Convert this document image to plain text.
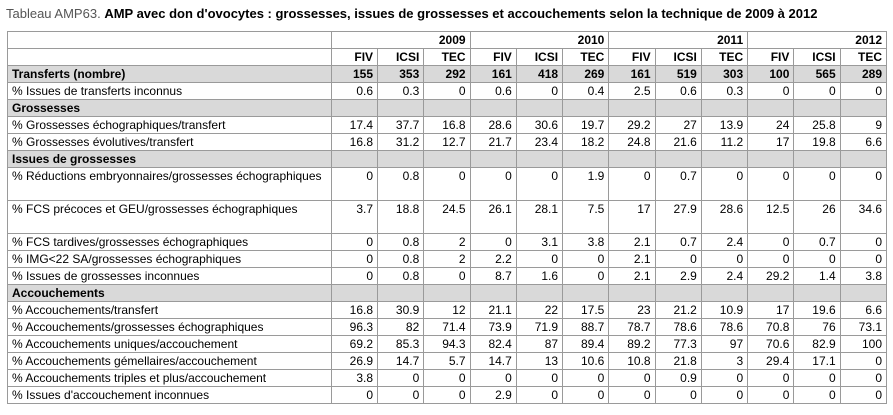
Tableau AMP63. AMP avec don d'ovocytes : grossesses, issues de grossesses et accouchements selon la technique de 2009 à 2012
	2009			2010			2011			2012		
	FIV	ICSI	TEC	FIV	ICSI	TEC	FIV	ICSI	TEC	FIV	ICSI	TEC
Transferts (nombre)	155	353	292	161	418	269	161	519	303	100	565	289
% Issues de transferts inconnus	0.6	0.3	0	0.6	0	0.4	2.5	0.6	0.3	0	0	0
Grossesses												
% Grossesses échographiques/transfert	17.4	37.7	16.8	28.6	30.6	19.7	29.2	27	13.9	24	25.8	9
% Grossesses évolutives/transfert	16.8	31.2	12.7	21.7	23.4	18.2	24.8	21.6	11.2	17	19.8	6.6
Issues de grossesses												
% Réductions embryonnaires/grossesses échographiques	0	0.8	0	0	0	1.9	0	0.7	0	0	0	0
% FCS précoces et GEU/grossesses échographiques	3.7	18.8	24.5	26.1	28.1	7.5	17	27.9	28.6	12.5	26	34.6
% FCS tardives/grossesses échographiques	0	0.8	2	0	3.1	3.8	2.1	0.7	2.4	0	0.7	0
% IMG<22 SA/grossesses échographiques	0	0.8	2	2.2	0	0	2.1	0	0	0	0	0
% Issues de grossesses inconnues	0	0.8	0	8.7	1.6	0	2.1	2.9	2.4	29.2	1.4	3.8
Accouchements												
% Accouchements/transfert	16.8	30.9	12	21.1	22	17.5	23	21.2	10.9	17	19.6	6.6
% Accouchements/grossesses échographiques	96.3	82	71.4	73.9	71.9	88.7	78.7	78.6	78.6	70.8	76	73.1
% Accouchements uniques/accouchement	69.2	85.3	94.3	82.4	87	89.4	89.2	77.3	97	70.6	82.9	100
% Accouchements gémellaires/accouchement	26.9	14.7	5.7	14.7	13	10.6	10.8	21.8	3	29.4	17.1	0
% Accouchements triples et plus/accouchement	3.8	0	0	0	0	0	0	0.9	0	0	0	0
% Issues d'accouchement inconnues	0	0	0	2.9	0	0	0	0	0	0	0	0
